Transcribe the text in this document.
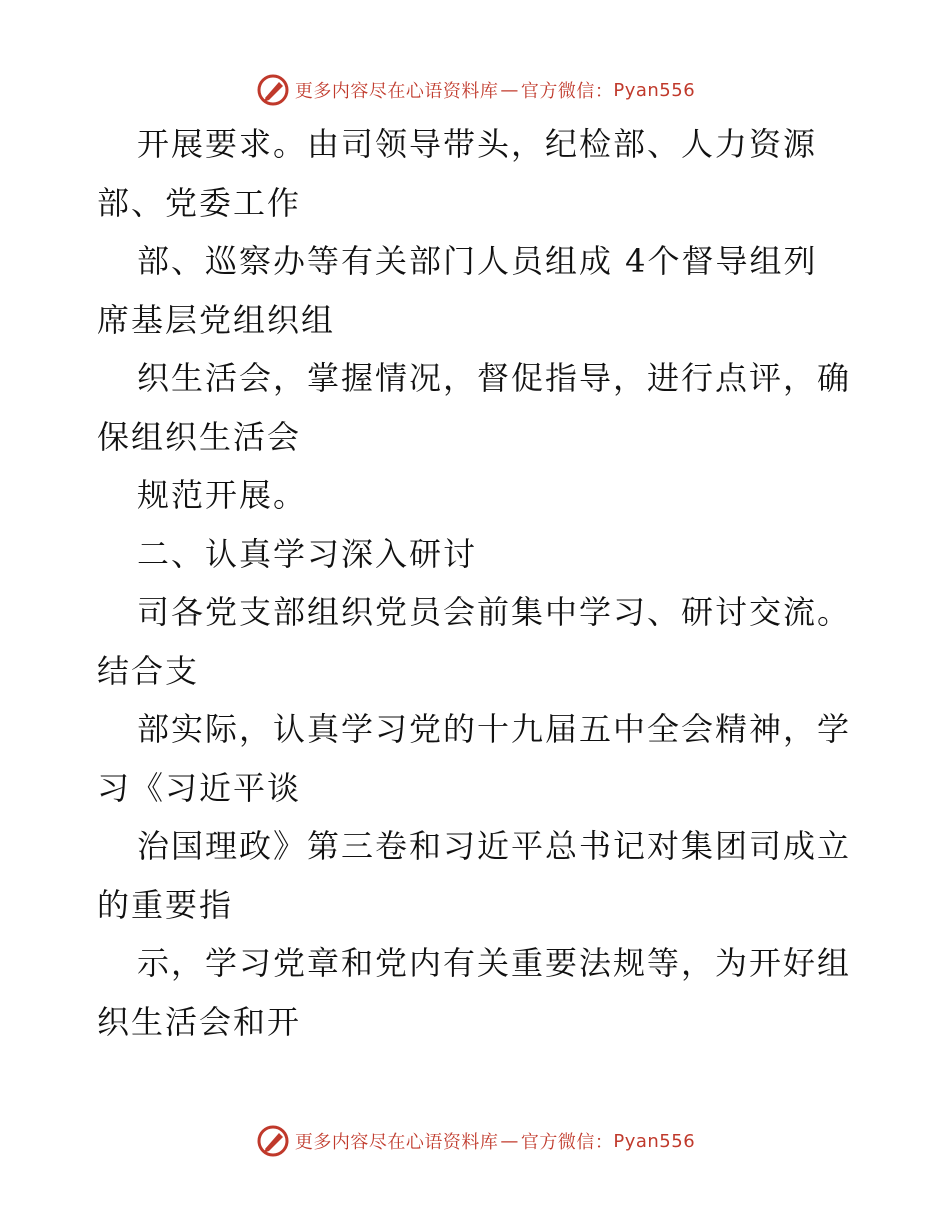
更多内容尽在心语资料库 — 官方微信： Pyan556
开展要求。由司领导带头，纪检部、人力资源
部、党委工作
部、巡察办等有关部门人员组成 4个督导组列
席基层党组织组
织生活会，掌握情况，督促指导，进行点评，确
保组织生活会
规范开展。
二、认真学习深入研讨
司各党支部组织党员会前集中学习、研讨交流。
结合支
部实际，认真学习党的十九届五中全会精神，学
习《习近平谈
治国理政》第三卷和习近平总书记对集团司成立
的重要指
示，学习党章和党内有关重要法规等，为开好组
织生活会和开
更多内容尽在心语资料库 — 官方微信： Pyan556
